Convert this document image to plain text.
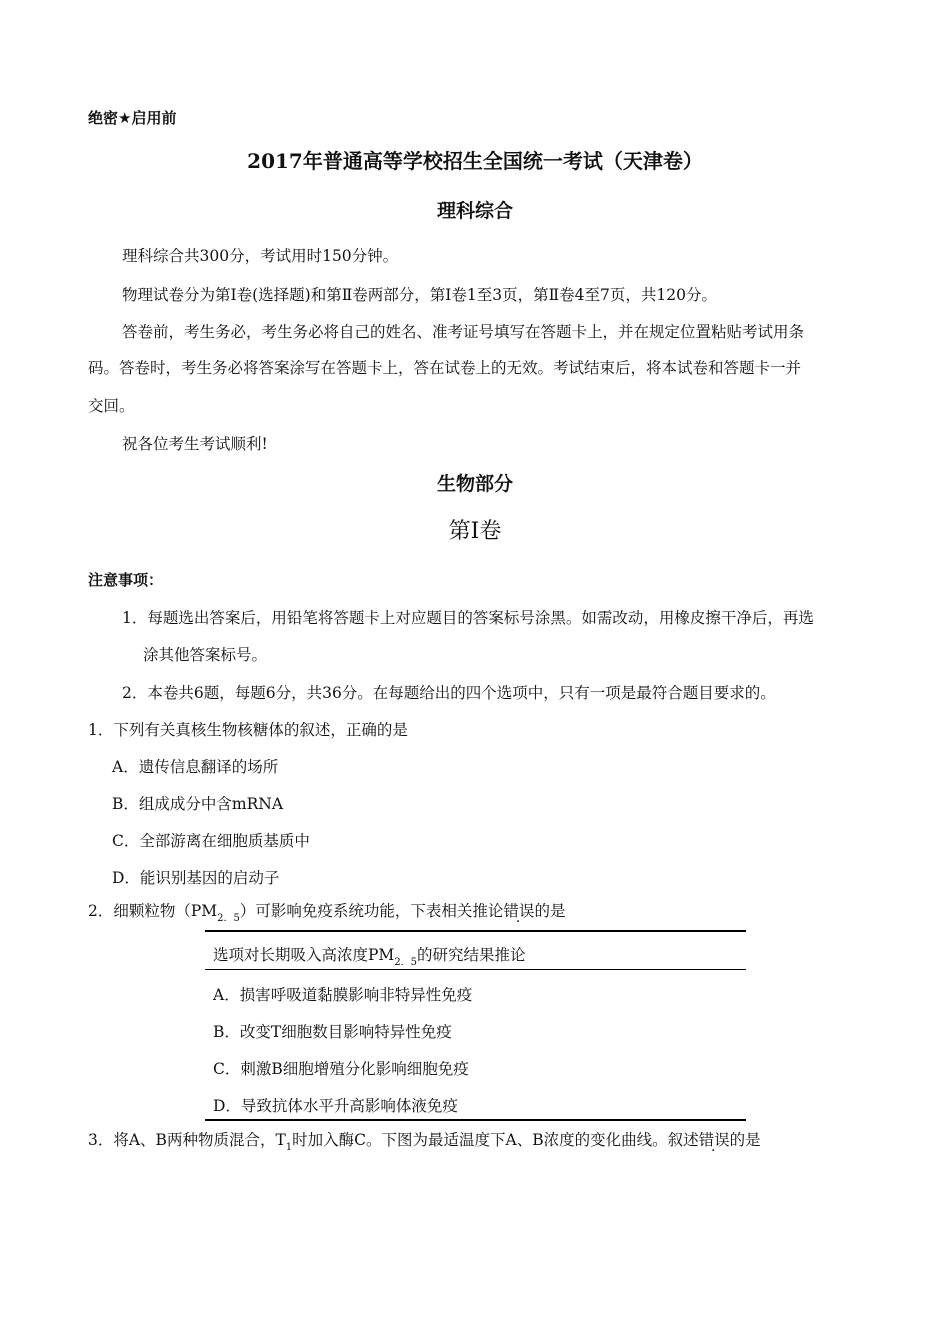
绝密★启用前
2017年普通高等学校招生全国统一考试（天津卷）
理科综合
理科综合共300分，考试用时150分钟。
物理试卷分为第Ⅰ卷(选择题)和第Ⅱ卷两部分，第Ⅰ卷1至3页，第Ⅱ卷4至7页，共120分。
答卷前，考生务必，考生务必将自己的姓名、准考证号填写在答题卡上，并在规定位置粘贴考试用条
码。答卷时，考生务必将答案涂写在答题卡上，答在试卷上的无效。考试结束后，将本试卷和答题卡一并
交回。
祝各位考生考试顺利!
生物部分
第Ⅰ卷
注意事项：
1．每题选出答案后，用铅笔将答题卡上对应题目的答案标号涂黑。如需改动，用橡皮擦干净后，再选
涂其他答案标号。
2．本卷共6题，每题6分，共36分。在每题给出的四个选项中，只有一项是最符合题目要求的。
1．下列有关真核生物核糖体的叙述，正确的是
A．遗传信息翻译的场所
B．组成成分中含mRNA
C．全部游离在细胞质基质中
D．能识别基因的启动子
2．细颗粒物$(PM_{2.5})$可影响免疫系统功能，下表相关推论错误的是
选项对长期吸入高浓度$PM_{2.5}$的研究结果推论
A．损害呼吸道黏膜影响非特异性免疫
B．改变T细胞数目影响特异性免疫
C．刺激B细胞增殖分化影响细胞免疫
D．导致抗体水平升高影响体液免疫
3．将A、B两种物质混合，$T_1$时加入酶C。下图为最适温度下A、B浓度的变化曲线。叙述错误的是
